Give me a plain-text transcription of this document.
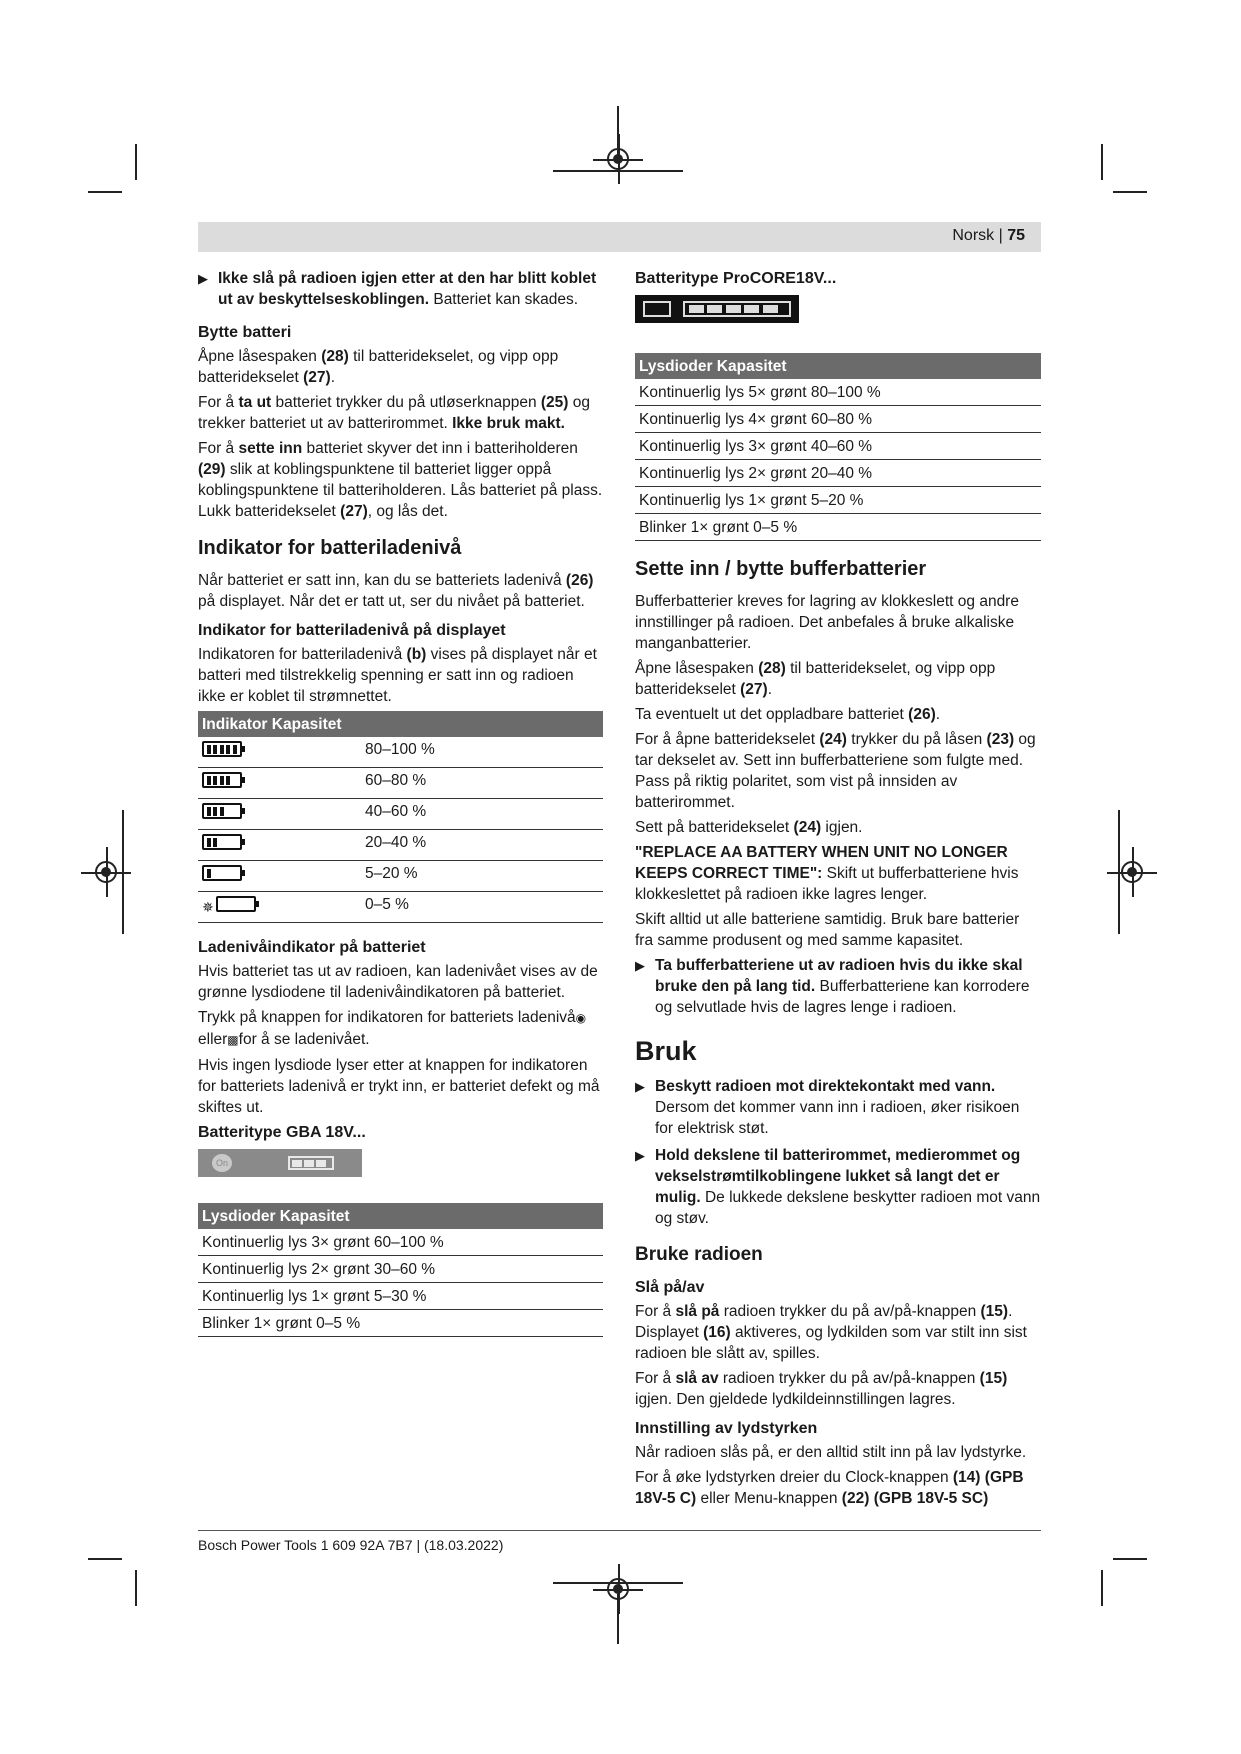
Norsk | 75
▶ Ikke slå på radioen igjen etter at den har blitt koblet ut av beskyttelseskoblingen. Batteriet kan skades.
Bytte batteri

Åpne låsespaken (28) til batteridekselet, og vipp opp batteridekselet (27).

For å ta ut batteriet trykker du på utløserknappen (25) og trekker batteriet ut av batterirommet. Ikke bruk makt.

For å sette inn batteriet skyver det inn i batteriholderen (29) slik at koblingspunktene til batteriet ligger oppå koblingspunktene til batteriholderen. Lås batteriet på plass.

Lukk batteridekselet (27), og lås det.

Indikator for batteriladenivå

Når batteriet er satt inn, kan du se batteriets ladenivå (26) på displayet. Når det er tatt ut, ser du nivået på batteriet.

Indikator for batteriladenivå på displayet

Indikatoren for batteriladenivå (b) vises på displayet når et batteri med tilstrekkelig spenning er satt inn og radioen ikke er koblet til strømnettet.

Indikator Kapasitet	
	80–100 %
	60–80 %
	40–60 %
	20–40 %
	5–20 %
✵	0–5 %
Ladenivåindikator på batteriet

Hvis batteriet tas ut av radioen, kan ladenivået vises av de grønne lysdiodene til ladenivåindikatoren på batteriet.

Trykk på knappen for indikatoren for batteriets ladenivå◉ eller▩for å se ladenivået.

Hvis ingen lysdiode lyser etter at knappen for indikatoren for batteriets ladenivå er trykt inn, er batteriet defekt og må skiftes ut.

Batteritype GBA 18V...
On
Lysdioder Kapasitet
Kontinuerlig lys 3× grønt 60–100 %
Kontinuerlig lys 2× grønt 30–60 %
Kontinuerlig lys 1× grønt 5–30 %
Blinker 1× grønt 0–5 %
Batteritype ProCORE18V...
Lysdioder Kapasitet
Kontinuerlig lys 5× grønt 80–100 %
Kontinuerlig lys 4× grønt 60–80 %
Kontinuerlig lys 3× grønt 40–60 %
Kontinuerlig lys 2× grønt 20–40 %
Kontinuerlig lys 1× grønt 5–20 %
Blinker 1× grønt 0–5 %
Sette inn / bytte bufferbatterier

Bufferbatterier kreves for lagring av klokkeslett og andre innstillinger på radioen. Det anbefales å bruke alkaliske manganbatterier.

Åpne låsespaken (28) til batteridekselet, og vipp opp batteridekselet (27).

Ta eventuelt ut det oppladbare batteriet (26).

For å åpne batteridekselet (24) trykker du på låsen (23) og tar dekselet av. Sett inn bufferbatteriene som fulgte med.

Pass på riktig polaritet, som vist på innsiden av batterirommet.

Sett på batteridekselet (24) igjen.

"REPLACE AA BATTERY WHEN UNIT NO LONGER KEEPS CORRECT TIME": Skift ut bufferbatteriene hvis klokkeslettet på radioen ikke lagres lenger.

Skift alltid ut alle batteriene samtidig. Bruk bare batterier fra samme produsent og med samme kapasitet.

▶ Ta bufferbatteriene ut av radioen hvis du ikke skal bruke den på lang tid. Bufferbatteriene kan korrodere og selvutlade hvis de lagres lenge i radioen.
Bruk
▶ Beskytt radioen mot direktekontakt med vann. Dersom det kommer vann inn i radioen, øker risikoen for elektrisk støt.
▶ Hold dekslene til batterirommet, medierommet og vekselstrømtilkoblingene lukket så langt det er mulig. De lukkede dekslene beskytter radioen mot vann og støv.
Bruke radioen
Slå på/av

For å slå på radioen trykker du på av/på-knappen (15). Displayet (16) aktiveres, og lydkilden som var stilt inn sist radioen ble slått av, spilles.

For å slå av radioen trykker du på av/på-knappen (15) igjen. Den gjeldede lydkildeinnstillingen lagres.

Innstilling av lydstyrken

Når radioen slås på, er den alltid stilt inn på lav lydstyrke.

For å øke lydstyrken dreier du Clock-knappen (14) (GPB 18V-5 C) eller Menu-knappen (22) (GPB 18V-5 SC)

Bosch Power Tools 1 609 92A 7B7 | (18.03.2022)
